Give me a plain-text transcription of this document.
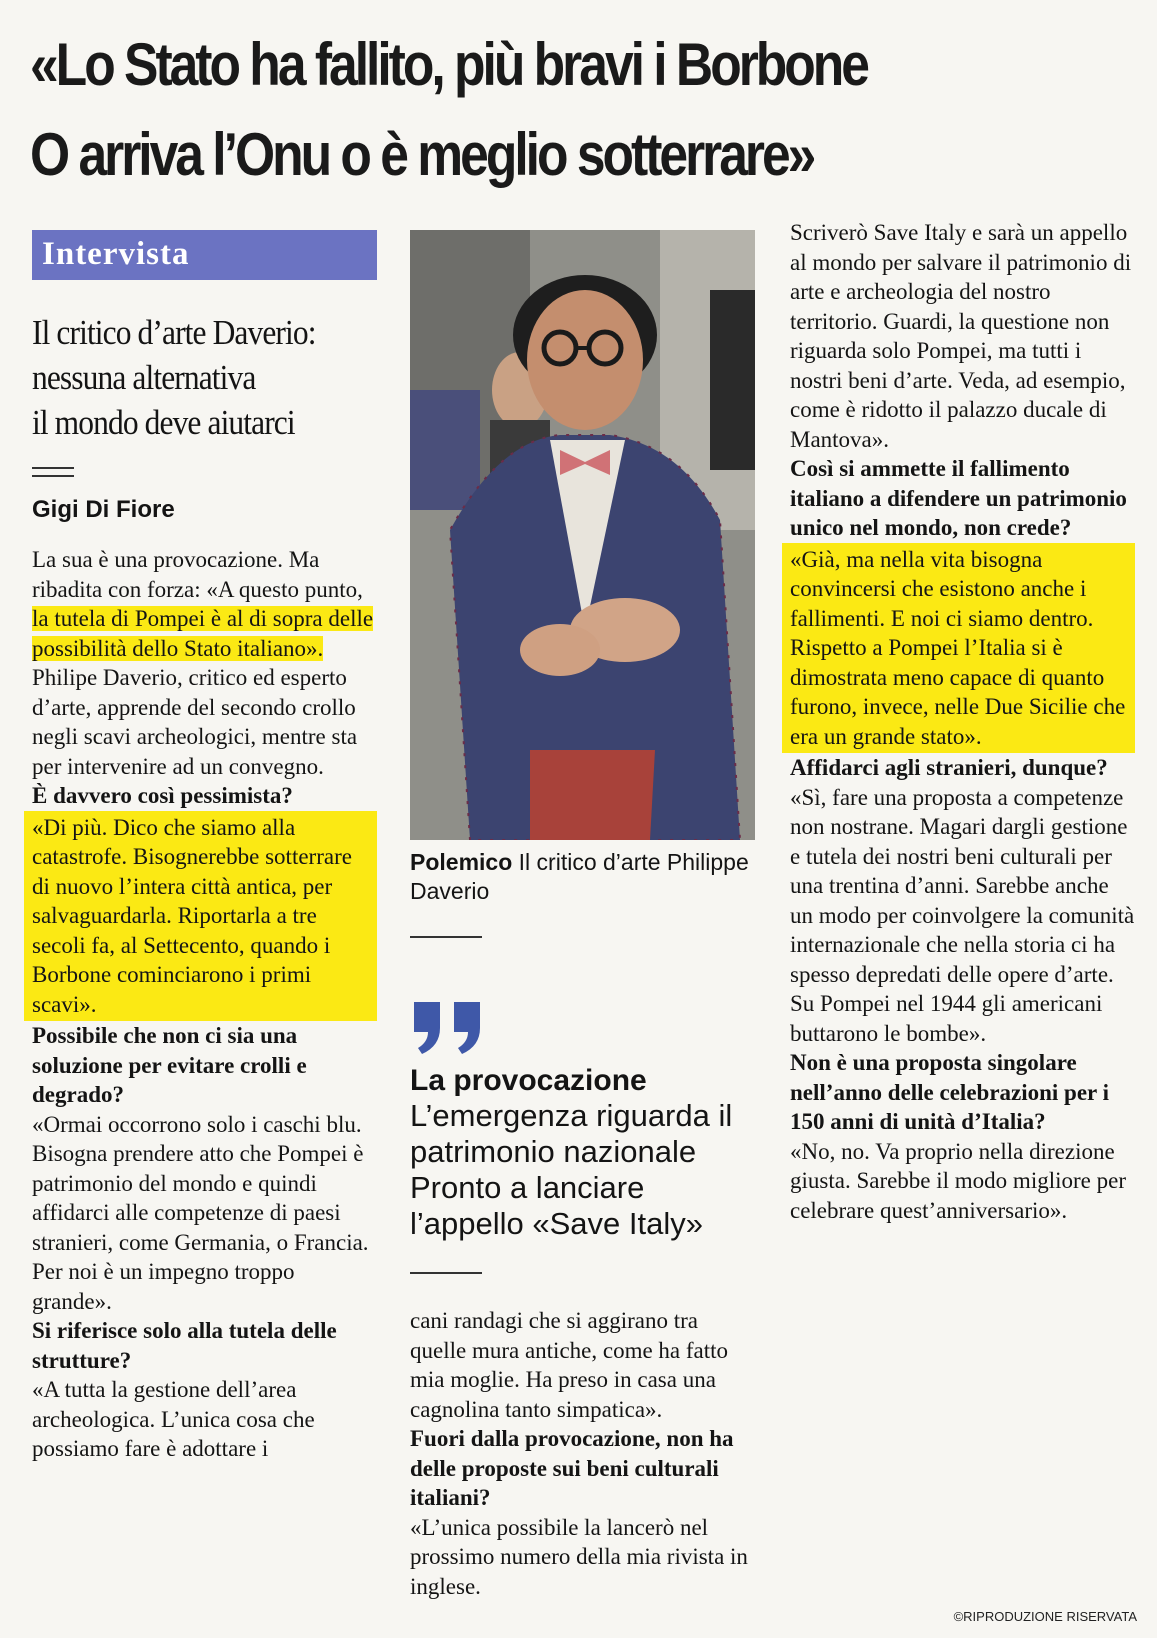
«Lo Stato ha fallito, più bravi i Borbone
O arriva l’Onu o è meglio sotterrare»
Intervista
Il critico d’arte Daverio:
nessuna alternativa
il mondo deve aiutarci
Gigi Di Fiore

La sua è una provocazione. Ma ribadita con forza: «A questo punto, la tutela di Pompei è al di sopra delle possibilità dello Stato italiano». Philipe Daverio, critico ed esperto d’arte, apprende del secondo crollo negli scavi archeologici, mentre sta per intervenire ad un convegno.

È davvero così pessimista?

«Di più. Dico che siamo alla catastrofe. Bisognerebbe sotterrare di nuovo l’intera città antica, per salvaguardarla. Riportarla a tre secoli fa, al Settecento, quando i Borbone cominciarono i primi scavi».

Possibile che non ci sia una soluzione per evitare crolli e degrado?

«Ormai occorrono solo i caschi blu. Bisogna prendere atto che Pompei è patrimonio del mondo e quindi affidarci alle competenze di paesi stranieri, come Germania, o Francia. Per noi è un impegno troppo grande».

Si riferisce solo alla tutela delle strutture?

«A tutta la gestione dell’area archeologica. L’unica cosa che possiamo fare è adottare i

Polemico Il critico d’arte Philippe Daverio
La provocazione
L’emergenza riguarda il patrimonio nazionale Pronto a lanciare l’appello «Save Italy»

cani randagi che si aggirano tra quelle mura antiche, come ha fatto mia moglie. Ha preso in casa una cagnolina tanto simpatica».

Fuori dalla provocazione, non ha delle proposte sui beni culturali italiani?

«L’unica possibile la lancerò nel prossimo numero della mia rivista in inglese.

Scriverò Save Italy e sarà un appello al mondo per salvare il patrimonio di arte e archeologia del nostro territorio. Guardi, la questione non riguarda solo Pompei, ma tutti i nostri beni d’arte. Veda, ad esempio, come è ridotto il palazzo ducale di Mantova».

Così si ammette il fallimento italiano a difendere un patrimonio unico nel mondo, non crede?

«Già, ma nella vita bisogna convincersi che esistono anche i fallimenti. E noi ci siamo dentro. Rispetto a Pompei l’Italia si è dimostrata meno capace di quanto furono, invece, nelle Due Sicilie che era un grande stato».

Affidarci agli stranieri, dunque?

«Sì, fare una proposta a competenze non nostrane. Magari dargli gestione e tutela dei nostri beni culturali per una trentina d’anni. Sarebbe anche un modo per coinvolgere la comunità internazionale che nella storia ci ha spesso depredati delle opere d’arte. Su Pompei nel 1944 gli americani buttarono le bombe».

Non è una proposta singolare nell’anno delle celebrazioni per i 150 anni di unità d’Italia?

«No, no. Va proprio nella direzione giusta. Sarebbe il modo migliore per celebrare quest’anniversario».

©RIPRODUZIONE RISERVATA
